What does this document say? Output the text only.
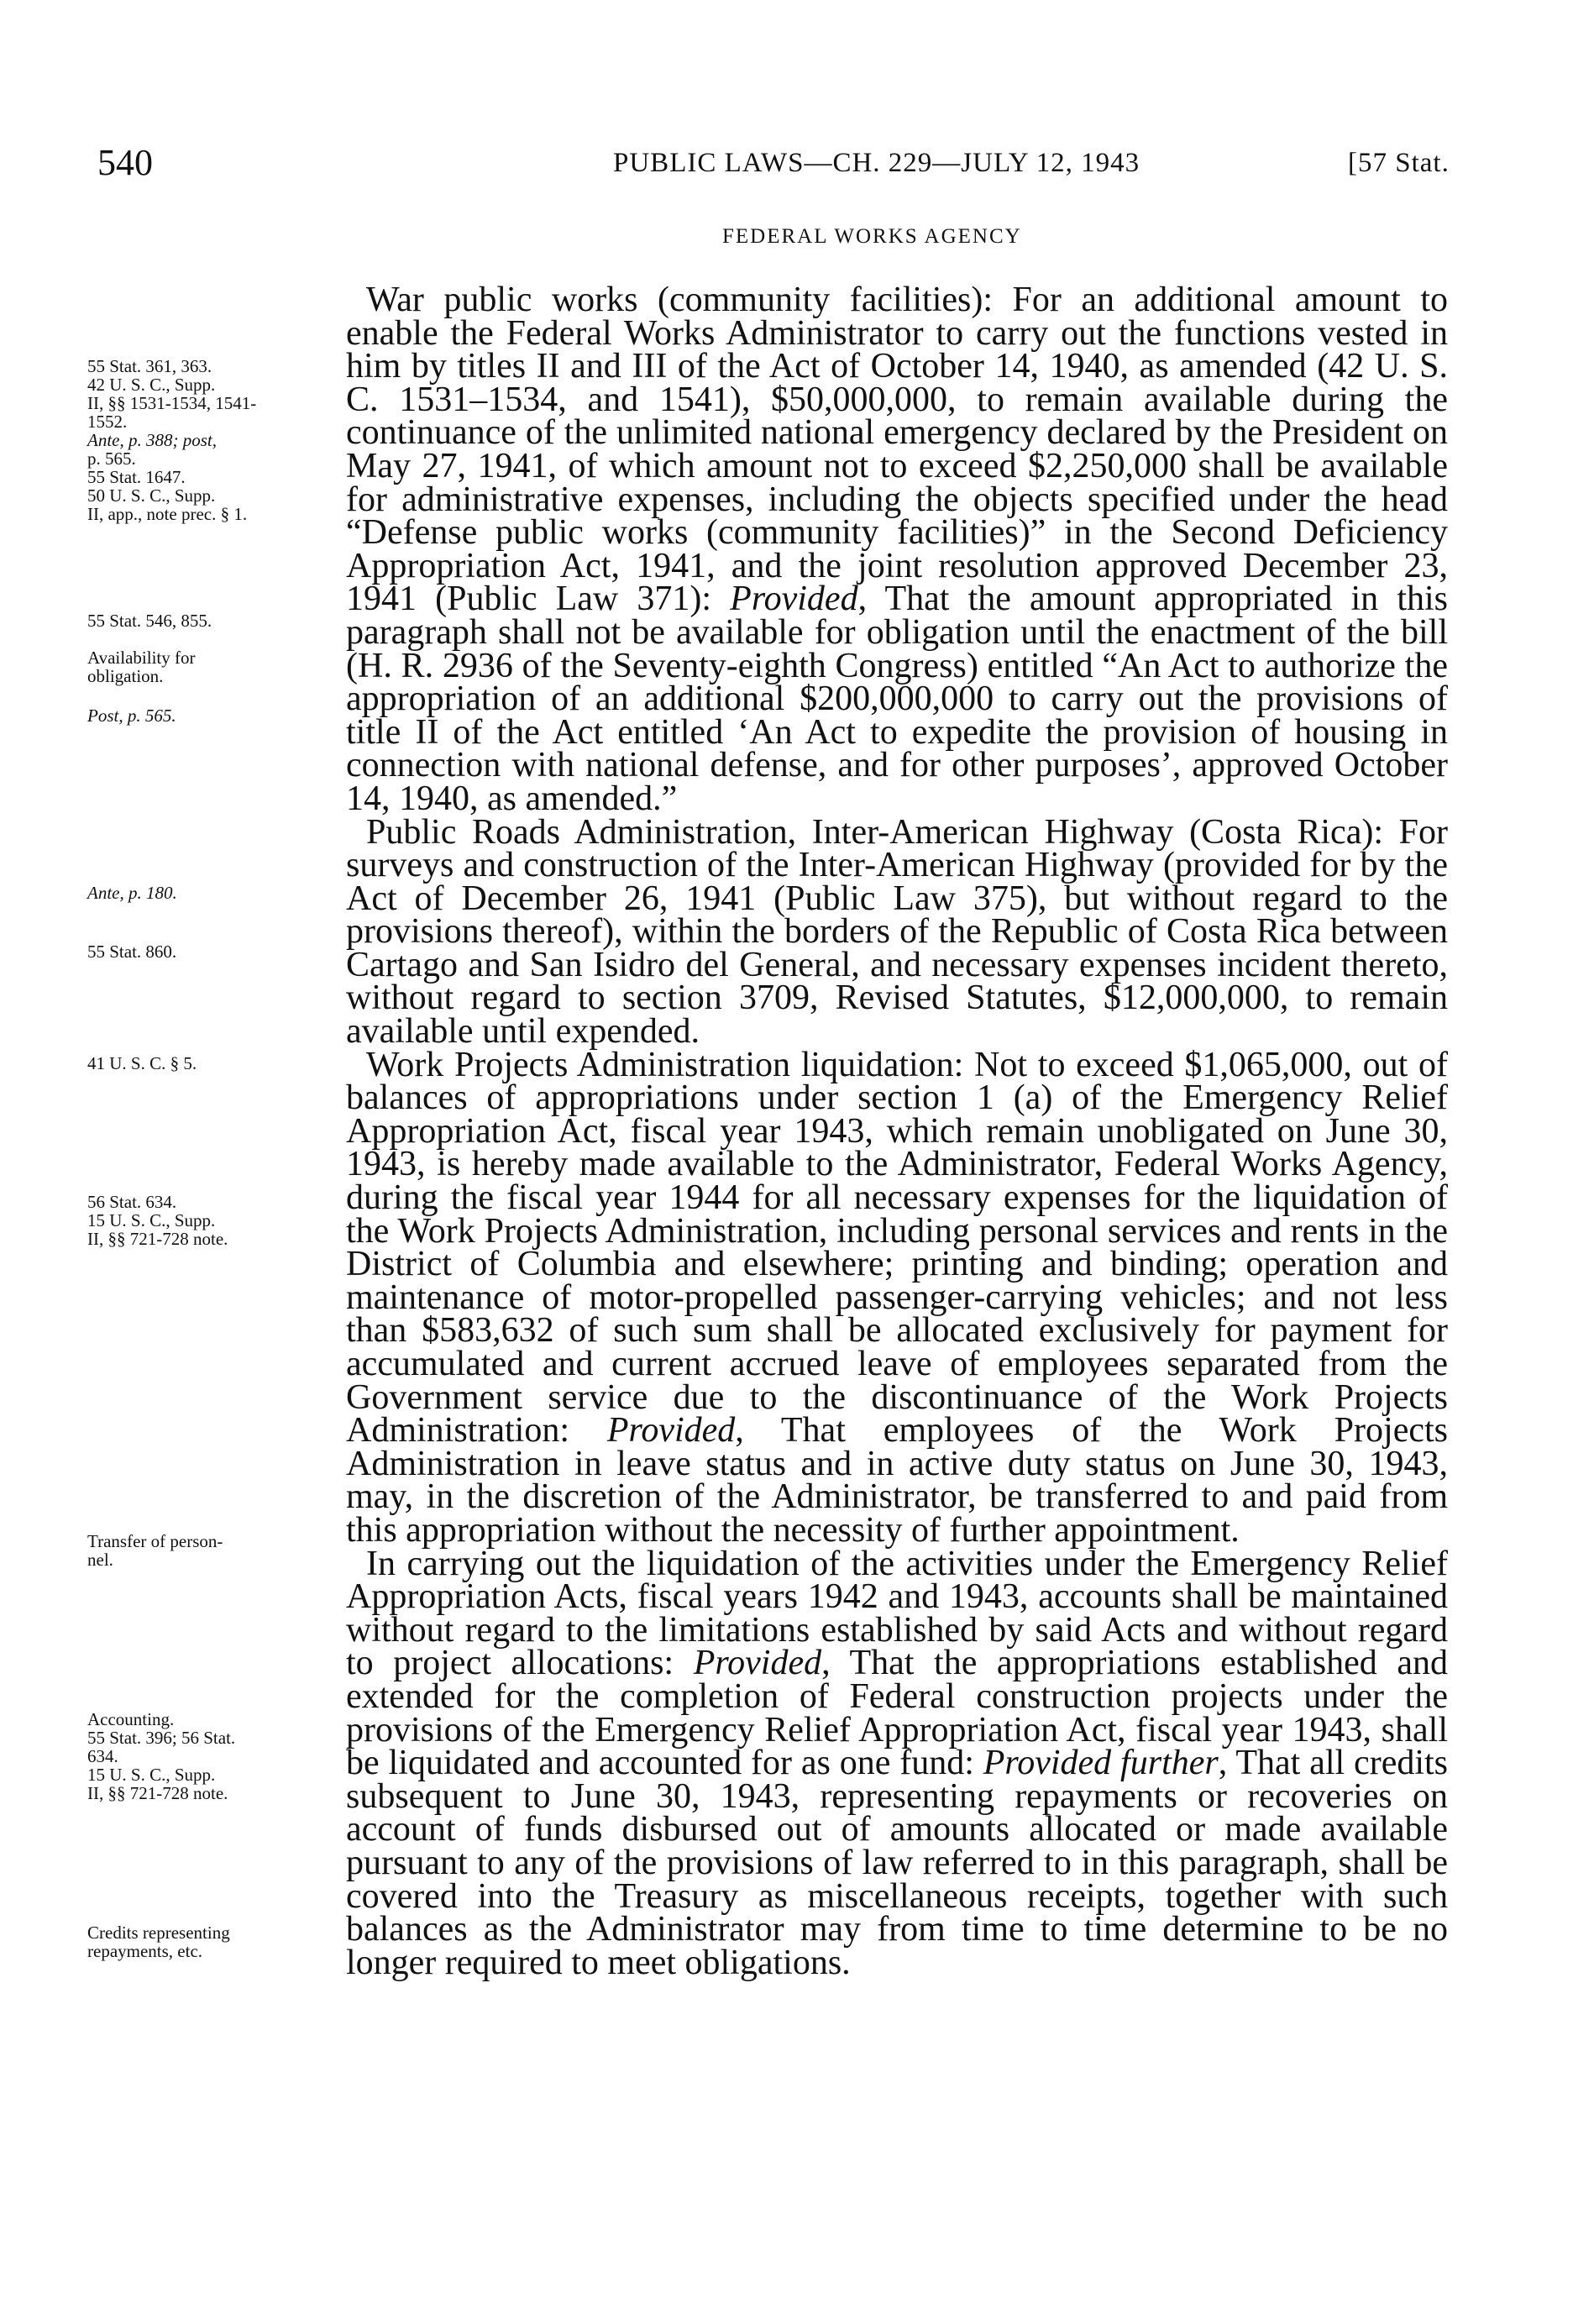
540	PUBLIC LAWS—CH. 229—JULY 12, 1943	[57 Stat.
FEDERAL WORKS AGENCY

War public works (community facilities): For an additional amount to enable the Federal Works Administrator to carry out the functions vested in him by titles II and III of the Act of October 14, 1940, as amended (42 U. S. C. 1531–1534, and 1541), $50,000,000, to remain available during the continuance of the unlimited national emergency declared by the President on May 27, 1941, of which amount not to exceed $2,250,000 shall be available for administrative expenses, including the objects specified under the head “Defense public works (community facilities)” in the Second Deficiency Appropriation Act, 1941, and the joint resolution approved December 23, 1941 (Public Law 371): Provided, That the amount appropriated in this paragraph shall not be available for obligation until the enactment of the bill (H. R. 2936 of the Seventy-eighth Congress) entitled “An Act to authorize the appropriation of an additional $200,000,000 to carry out the provisions of title II of the Act entitled ‘An Act to expedite the provision of housing in connection with national defense, and for other purposes’, approved October 14, 1940, as amended.”

Public Roads Administration, Inter-American Highway (Costa Rica): For surveys and construction of the Inter-American Highway (provided for by the Act of December 26, 1941 (Public Law 375), but without regard to the provisions thereof), within the borders of the Republic of Costa Rica between Cartago and San Isidro del General, and necessary expenses incident thereto, without regard to section 3709, Revised Statutes, $12,000,000, to remain available until expended.

Work Projects Administration liquidation: Not to exceed $1,065,000, out of balances of appropriations under section 1 (a) of the Emergency Relief Appropriation Act, fiscal year 1943, which remain unobligated on June 30, 1943, is hereby made available to the Administrator, Federal Works Agency, during the fiscal year 1944 for all necessary expenses for the liquidation of the Work Projects Administration, including personal services and rents in the District of Columbia and elsewhere; printing and binding; operation and maintenance of motor-propelled passenger-carrying vehicles; and not less than $583,632 of such sum shall be allocated exclusively for payment for accumulated and current accrued leave of employees separated from the Government service due to the discontinuance of the Work Projects Administration: Provided, That employees of the Work Projects Administration in leave status and in active duty status on June 30, 1943, may, in the discretion of the Administrator, be transferred to and paid from this appropriation without the necessity of further appointment.

In carrying out the liquidation of the activities under the Emergency Relief Appropriation Acts, fiscal years 1942 and 1943, accounts shall be maintained without regard to the limitations established by said Acts and without regard to project allocations: Provided, That the appropriations established and extended for the completion of Federal construction projects under the provisions of the Emergency Relief Appropriation Act, fiscal year 1943, shall be liquidated and accounted for as one fund: Provided further, That all credits subsequent to June 30, 1943, representing repayments or recoveries on account of funds disbursed out of amounts allocated or made available pursuant to any of the provisions of law referred to in this paragraph, shall be covered into the Treasury as miscellaneous receipts, together with such balances as the Administrator may from time to time determine to be no longer required to meet obligations.

55 Stat. 361, 363.
42 U. S. C., Supp.
II, §§ 1531-1534, 1541-
1552.
Ante, p. 388; post,
p. 565.
55 Stat. 1647.
50 U. S. C., Supp.
II, app., note prec. § 1.
55 Stat. 546, 855.
Availability for
obligation.
Post, p. 565.
Ante, p. 180.
55 Stat. 860.
41 U. S. C. § 5.
56 Stat. 634.
15 U. S. C., Supp.
II, §§ 721-728 note.
Transfer of person-
nel.
Accounting.
55 Stat. 396; 56 Stat.
634.
15 U. S. C., Supp.
II, §§ 721-728 note.
Credits representing
repayments, etc.
